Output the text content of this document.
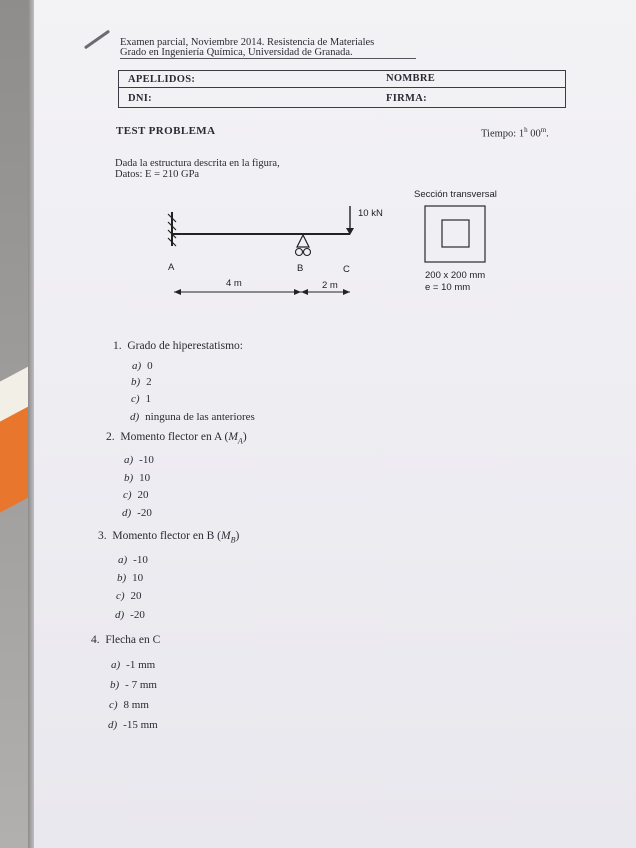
Examen parcial, Noviembre 2014. Resistencia de Materiales
Grado en Ingeniería Química, Universidad de Granada.
APELLIDOS:	NOMBRE
DNI:	FIRMA:
TEST PROBLEMA	Tiempo: 1$^h$ 00$^m$.
Dada la estructura descrita en la figura,
Datos: E = 210 GPa
10 kN
A	B	C
4 m	2 m
Sección transversal
200 x 200 mm
e = 10 mm
1. Grado de hiperestatismo:
a) 0
b) 2
c) 1
d) ninguna de las anteriores
2. Momento flector en A $(M_A)$
a) -10
b) 10
c) 20
d) -20
3. Momento flector en B $(M_B)$
a) -10
b) 10
c) 20
d) -20
4. Flecha en C
a) -1 mm
b) - 7 mm
c) 8 mm
d) -15 mm
